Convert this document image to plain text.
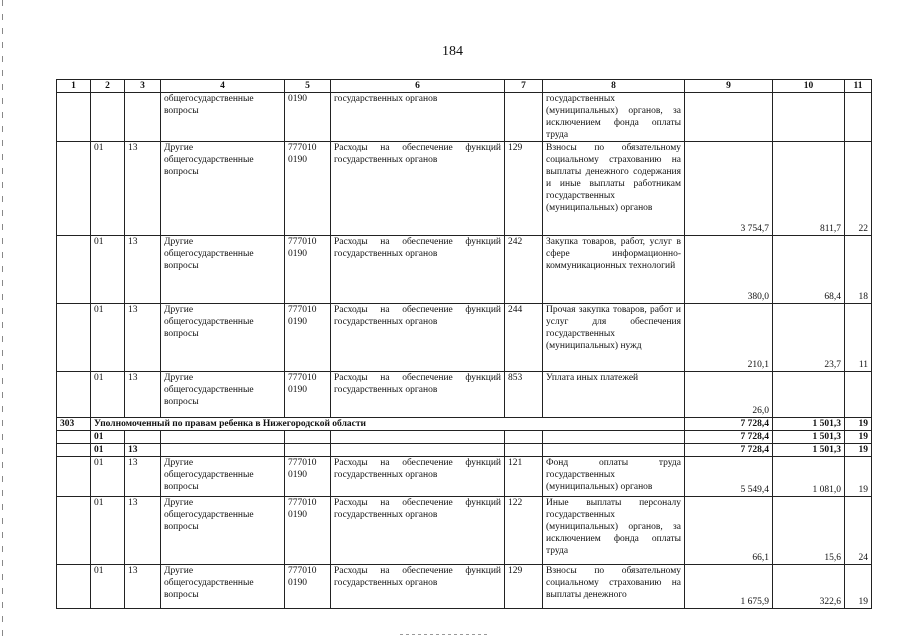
184
1	2	3	4	5	6	7	8	9	10	11
			общегосударственные вопросы	0190	государственных органов		государственных (муниципальных) органов, за исключением фонда оплаты труда			
	01	13	Другие общегосударственные вопросы	777010 0190	Расходы на обеспечение функций государственных органов	129	Взносы по обязательному социальному страхованию на выплаты денежного содержания и иные выплаты работникам государственных (муниципальных) органов	3 754,7	811,7	22
	01	13	Другие общегосударственные вопросы	777010 0190	Расходы на обеспечение функций государственных органов	242	Закупка товаров, работ, услуг в сфере информационно-коммуникационных технологий	380,0	68,4	18
	01	13	Другие общегосударственные вопросы	777010 0190	Расходы на обеспечение функций государственных органов	244	Прочая закупка товаров, работ и услуг для обеспечения государственных (муниципальных) нужд	210,1	23,7	11
	01	13	Другие общегосударственные вопросы	777010 0190	Расходы на обеспечение функций государственных органов	853	Уплата иных платежей	26,0		
303	Уполномоченный по правам ребенка в Нижегородской области							7 728,4	1 501,3	19
	01							7 728,4	1 501,3	19
	01	13						7 728,4	1 501,3	19
	01	13	Другие общегосударственные вопросы	777010 0190	Расходы на обеспечение функций государственных органов	121	Фонд оплаты труда государственных (муниципальных) органов	5 549,4	1 081,0	19
	01	13	Другие общегосударственные вопросы	777010 0190	Расходы на обеспечение функций государственных органов	122	Иные выплаты персоналу государственных (муниципальных) органов, за исключением фонда оплаты труда	66,1	15,6	24
	01	13	Другие общегосударственные вопросы	777010 0190	Расходы на обеспечение функций государственных органов	129	Взносы по обязательному социальному страхованию на выплаты денежного	1 675,9	322,6	19
